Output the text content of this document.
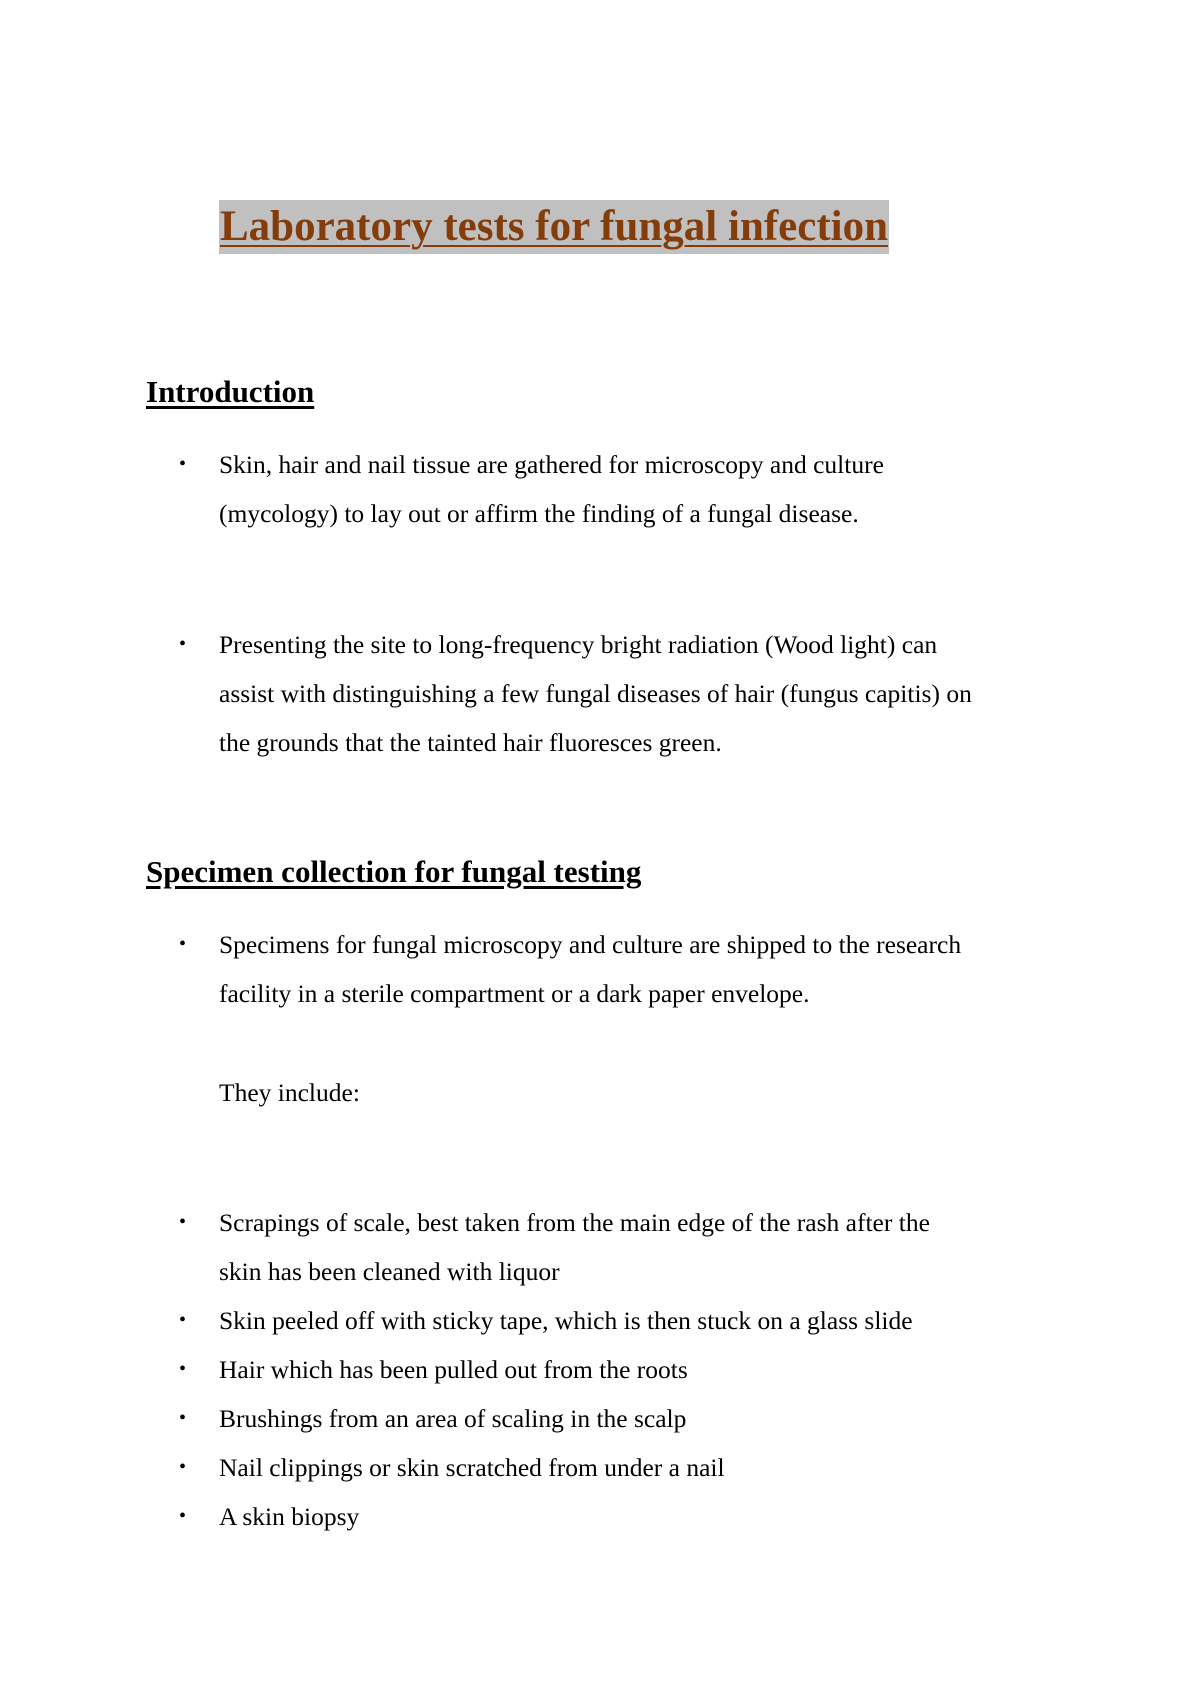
Laboratory tests for fungal infection
Introduction
•	Skin, hair and nail tissue are gathered for microscopy and culture
(mycology) to lay out or affirm the finding of a fungal disease.
•	Presenting the site to long-frequency bright radiation (Wood light) can
assist with distinguishing a few fungal diseases of hair (fungus capitis) on
the grounds that the tainted hair fluoresces green.
Specimen collection for fungal testing
•	Specimens for fungal microscopy and culture are shipped to the research
facility in a sterile compartment or a dark paper envelope.
They include:
•	Scrapings of scale, best taken from the main edge of the rash after the
skin has been cleaned with liquor
•	Skin peeled off with sticky tape, which is then stuck on a glass slide
•	Hair which has been pulled out from the roots
•	Brushings from an area of scaling in the scalp
•	Nail clippings or skin scratched from under a nail
•	A skin biopsy
